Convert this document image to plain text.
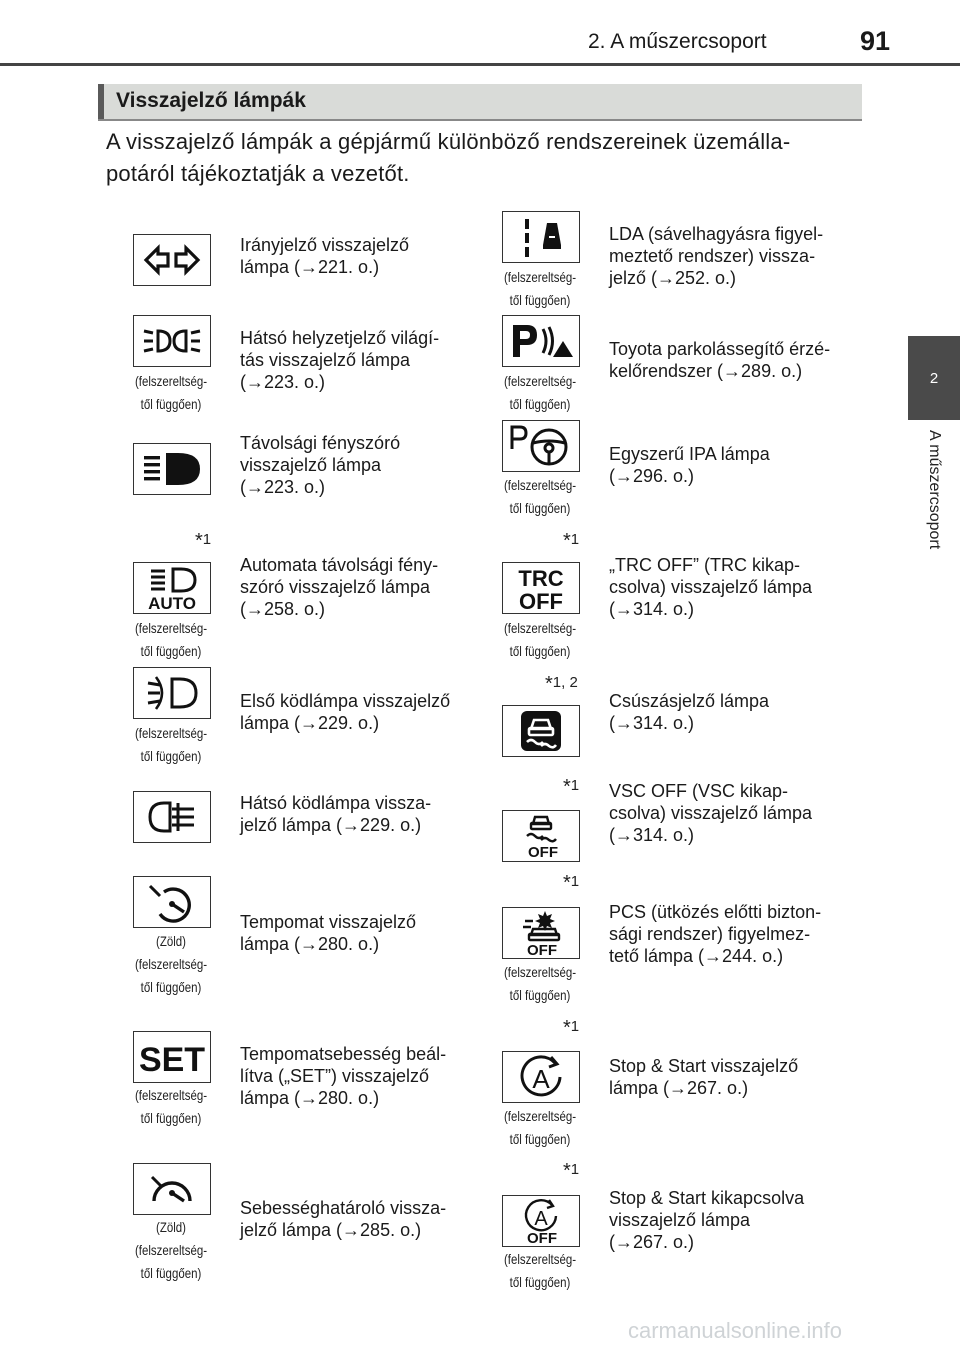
2. A műszercsoport	91
2
A műszercsoport
Visszajelző lámpák
A visszajelző lámpák a gépjármű különböző rendszereinek üzemálla-
potáról tájékoztatják a vezetőt.
Irányjelző visszajelző
lámpa (→221. o.)
(felszereltség-
től függően)
Hátsó helyzetjelző világí-
tás visszajelző lámpa
(→223. o.)
Távolsági fényszóró
visszajelző lámpa
(→223. o.)
*1
AUTO
(felszereltség-
től függően)
Automata távolsági fény-
szóró visszajelző lámpa
(→258. o.)
(felszereltség-
től függően)
Első ködlámpa visszajelző
lámpa (→229. o.)
Hátsó ködlámpa vissza-
jelző lámpa (→229. o.)
(Zöld)
(felszereltség-
től függően)
Tempomat visszajelző
lámpa (→280. o.)
SET
(felszereltség-
től függően)
Tempomatsebesség beál-
lítva („SET”) visszajelző
lámpa (→280. o.)
(Zöld)
(felszereltség-
től függően)
Sebességhatároló vissza-
jelző lámpa (→285. o.)
(felszereltség-
től függően)
LDA (sávelhagyásra figyel-
meztető rendszer) vissza-
jelző (→252. o.)
(felszereltség-
től függően)
Toyota parkolássegítő érzé-
kelőrendszer (→289. o.)
(felszereltség-
től függően)
Egyszerű IPA lámpa
(→296. o.)
*1
TRC
OFF
(felszereltség-
től függően)
„TRC OFF” (TRC kikap-
csolva) visszajelző lámpa
(→314. o.)
*1, 2
Csúszásjelző lámpa
(→314. o.)
*1
OFF
VSC OFF (VSC kikap-
csolva) visszajelző lámpa
(→314. o.)
*1
OFF
(felszereltség-
től függően)
PCS (ütközés előtti bizton-
sági rendszer) figyelmez-
tető lámpa (→244. o.)
*1
A
(felszereltség-
től függően)
Stop & Start visszajelző
lámpa (→267. o.)
*1
A
OFF
(felszereltség-
től függően)
Stop & Start kikapcsolva
visszajelző lámpa
(→267. o.)
carmanualsonline.info
